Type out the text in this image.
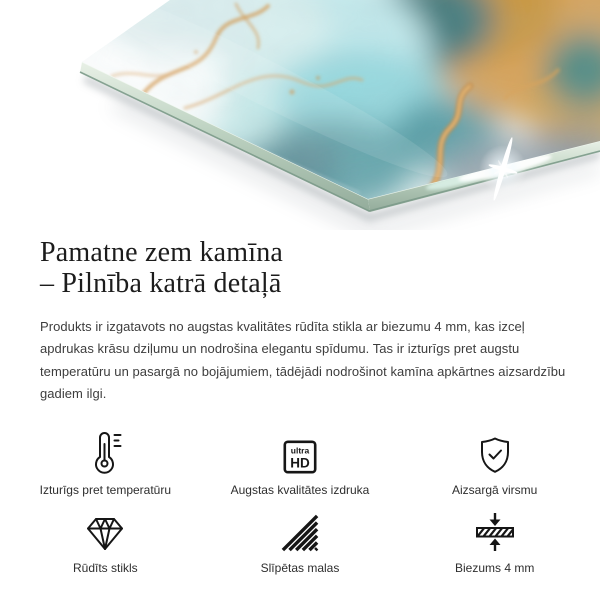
Pamatne zem kamīna
– Pilnība katrā detaļā

Produkts ir izgatavots no augstas kvalitātes rūdīta stikla ar biezumu 4 mm, kas izceļ apdrukas krāsu dziļumu un nodrošina elegantu spīdumu. Tas ir izturīgs pret augstu temperatūru un pasargā no bojājumiem, tādējādi nodrošinot kamīna apkārtnes aizsardzību gadiem ilgi.

Izturīgs pret temperatūru
ultra
HD
Augstas kvalitātes izdruka	Aizsargā virsmu
Rūdīts stikls	Slīpētas malas	Biezums 4 mm
